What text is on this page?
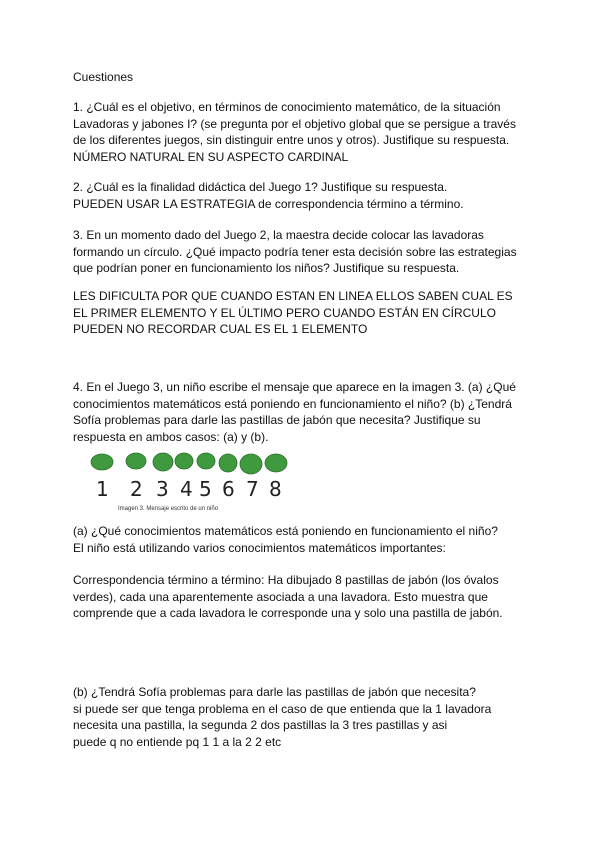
Cuestiones
1. ¿Cuál es el objetivo, en términos de conocimiento matemático, de la situación
Lavadoras y jabones I? (se pregunta por el objetivo global que se persigue a través
de los diferentes juegos, sin distinguir entre unos y otros). Justifique su respuesta.
NÚMERO NATURAL EN SU ASPECTO CARDINAL
2. ¿Cuál es la finalidad didáctica del Juego 1? Justifique su respuesta.
PUEDEN USAR LA ESTRATEGIA de correspondencia término a término.
3. En un momento dado del Juego 2, la maestra decide colocar las lavadoras
formando un círculo. ¿Qué impacto podría tener esta decisión sobre las estrategias
que podrían poner en funcionamiento los niños? Justifique su respuesta.
LES DIFICULTA POR QUE CUANDO ESTAN EN LINEA ELLOS SABEN CUAL ES
EL PRIMER ELEMENTO Y EL ÚLTIMO PERO CUANDO ESTÁN EN CÍRCULO
PUEDEN NO RECORDAR CUAL ES EL 1 ELEMENTO
4. En el Juego 3, un niño escribe el mensaje que aparece en la imagen 3. (a) ¿Qué
conocimientos matemáticos está poniendo en funcionamiento el niño? (b) ¿Tendrá
Sofía problemas para darle las pastillas de jabón que necesita? Justifique su
respuesta en ambos casos: (a) y (b).
1 2 3 4 5 6 7 8
Imagen 3. Mensaje escrito de un niño
(a) ¿Qué conocimientos matemáticos está poniendo en funcionamiento el niño?
El niño está utilizando varios conocimientos matemáticos importantes:
Correspondencia término a término: Ha dibujado 8 pastillas de jabón (los óvalos
verdes), cada una aparentemente asociada a una lavadora. Esto muestra que
comprende que a cada lavadora le corresponde una y solo una pastilla de jabón.
(b) ¿Tendrá Sofía problemas para darle las pastillas de jabón que necesita?
si puede ser que tenga problema en el caso de que entienda que la 1 lavadora
necesita una pastilla, la segunda 2 dos pastillas la 3 tres pastillas y asi
puede q no entiende pq 1 1 a la 2 2 etc
